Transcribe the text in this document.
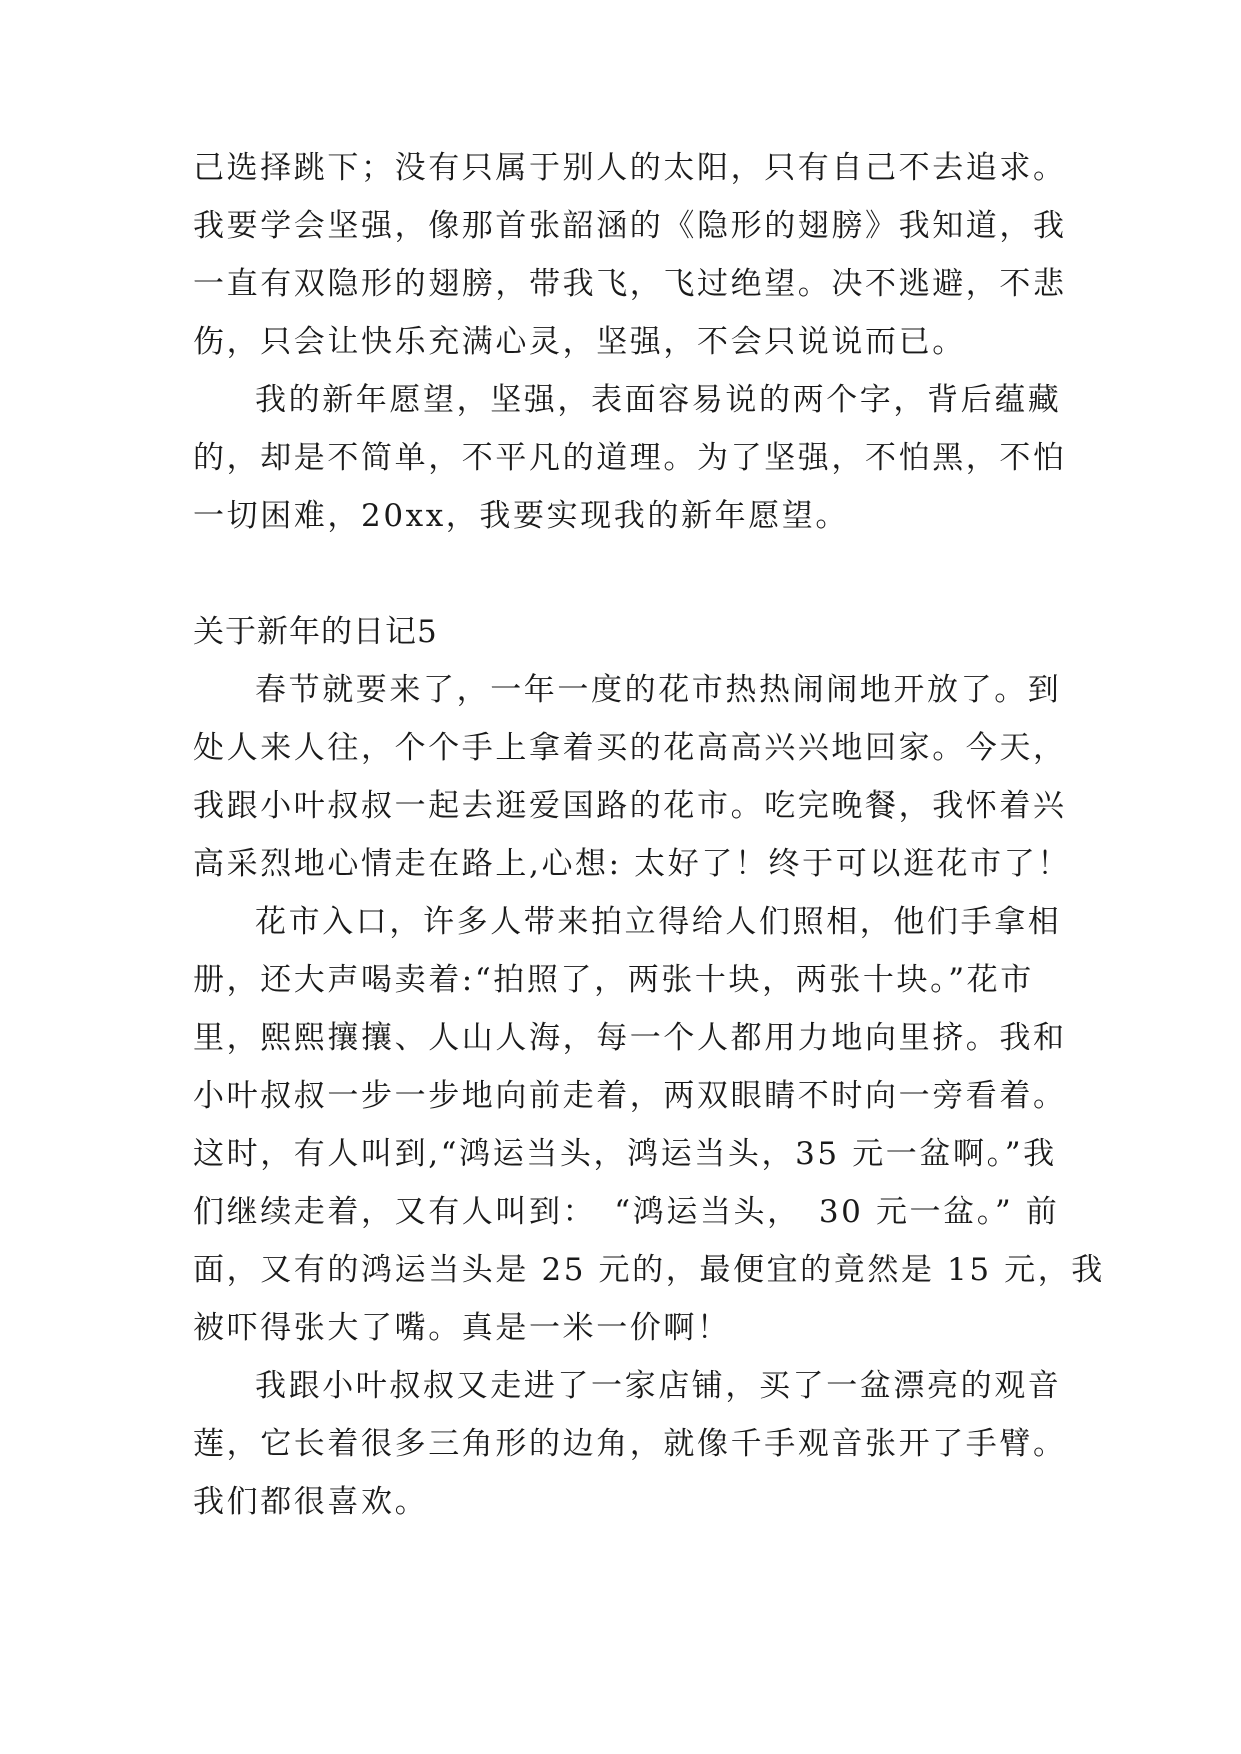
己选择跳下；没有只属于别人的太阳，只有自己不去追求。
我要学会坚强，像那首张韶涵的《隐形的翅膀》我知道，我
一直有双隐形的翅膀，带我飞，飞过绝望。决不逃避，不悲
伤，只会让快乐充满心灵，坚强，不会只说说而已。
我的新年愿望，坚强，表面容易说的两个字，背后蕴藏
的，却是不简单，不平凡的道理。为了坚强，不怕黑，不怕
一切困难，20xx，我要实现我的新年愿望。
关于新年的日记5
春节就要来了，一年一度的花市热热闹闹地开放了。到
处人来人往，个个手上拿着买的花高高兴兴地回家。今天，
我跟小叶叔叔一起去逛爱国路的花市。吃完晚餐，我怀着兴
高采烈地心情走在路上,心想: 太好了！终于可以逛花市了！
花市入口，许多人带来拍立得给人们照相，他们手拿相
册，还大声喝卖着:“拍照了，两张十块，两张十块。”花市
里，熙熙攘攘、人山人海，每一个人都用力地向里挤。我和
小叶叔叔一步一步地向前走着，两双眼睛不时向一旁看着。
这时，有人叫到,“鸿运当头，鸿运当头，35 元一盆啊。”我
们继续走着，又有人叫到：　“鸿运当头，　30 元一盆。” 前
面，又有的鸿运当头是 25 元的，最便宜的竟然是 15 元，我
被吓得张大了嘴。真是一米一价啊！
我跟小叶叔叔又走进了一家店铺，买了一盆漂亮的观音
莲，它长着很多三角形的边角，就像千手观音张开了手臂。
我们都很喜欢。
